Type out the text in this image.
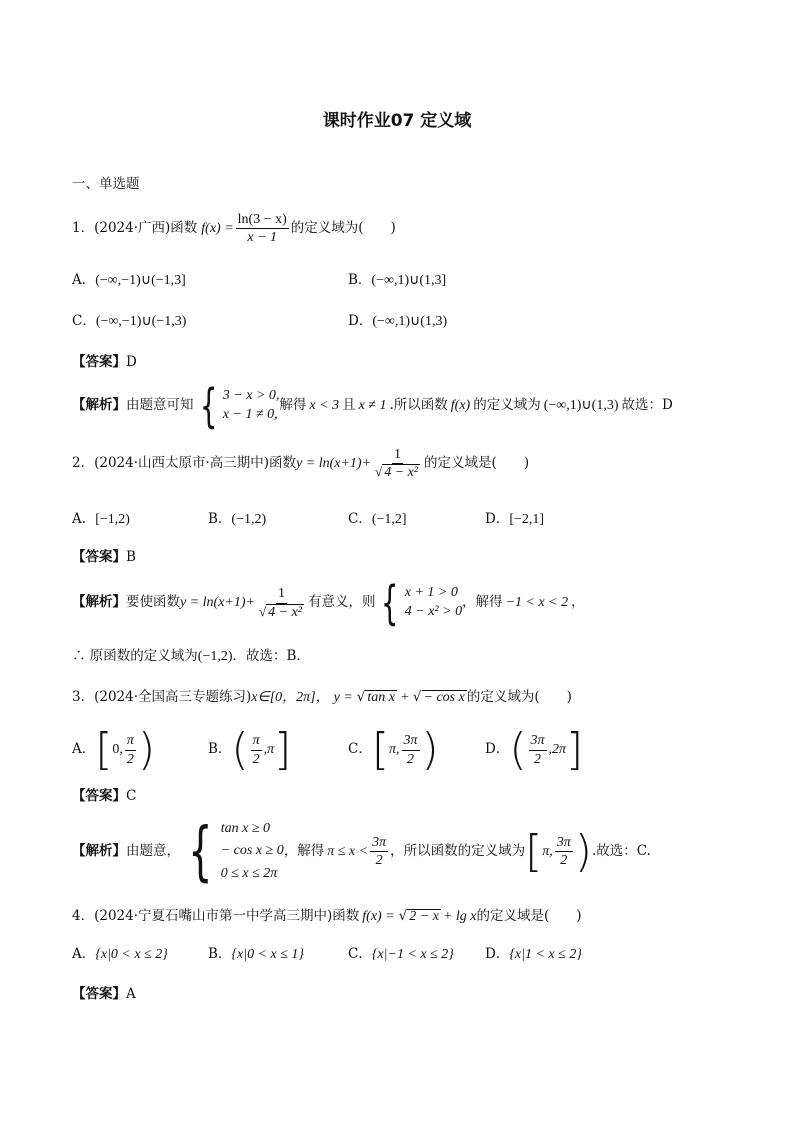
课时作业07 定义域
一、单选题
1．(2024·广西)函数 $f(x) = \frac{\ln(3 - x)}{x - 1}$ 的定义域为(　　)
A．(−∞,−1)∪(−1,3]	B．(−∞,1)∪(1,3]
C．(−∞,−1)∪(−1,3)	D．(−∞,1)∪(1,3)
【答案】D
【解析】 由题意可知 { 3 − x > 0,
x − 1 ≠ 0,
解得 x < 3 且 x ≠ 1 .所以函数 f(x) 的定义域为 (−∞,1)∪(1,3) 故选：D
2．(2024·山西太原市·高三期中)函数 $y = \ln(x+1)+ \frac{1}{\text{√ 4 − x²}}$ 的定义域是(　　)
A．[−1,2)	B．(−1,2)	C．(−1,2]	D．[−2,1]
【答案】B
【解析】 要使函数 $y = \ln(x+1)+ \frac{1}{\text{√ 4 − x²}}$ 有意义，则 { x + 1 > 0
4 − x² > 0
，解得 −1 < x < 2 ，
∴ 原函数的定义域为(−1,2)．故选：B．
3．(2024·全国高三专题练习) x∈[0，2π]， y = √ tan x + √ − cos x 的定义域为(　　)
A． [ 0, $\frac{\pi}{2}$ )	B． ( $\frac{\pi}{2} ,\pi$ ]	C． [ π, $\frac{3\pi}{2}$ )	D． ( $\frac{3\pi}{2} ,2\pi$ ]
【答案】C
【解析】 由题意， { tan x ≥ 0
− cos x ≥ 0
0 ≤ x ≤ 2π
，解得 $\pi \le x < \frac{3\pi}{2}$ ，所以函数的定义域为 [ π, $\frac{3\pi}{2}$ ) .故选：C.
4．(2024·宁夏石嘴山市第一中学高三期中)函数 f(x) = √ 2 − x + lg x 的定义域是(　　)
A．{x|0 < x ≤ 2}	B．{x|0 < x ≤ 1}	C．{x|−1 < x ≤ 2} D．{x|1 < x ≤ 2}
【答案】A
